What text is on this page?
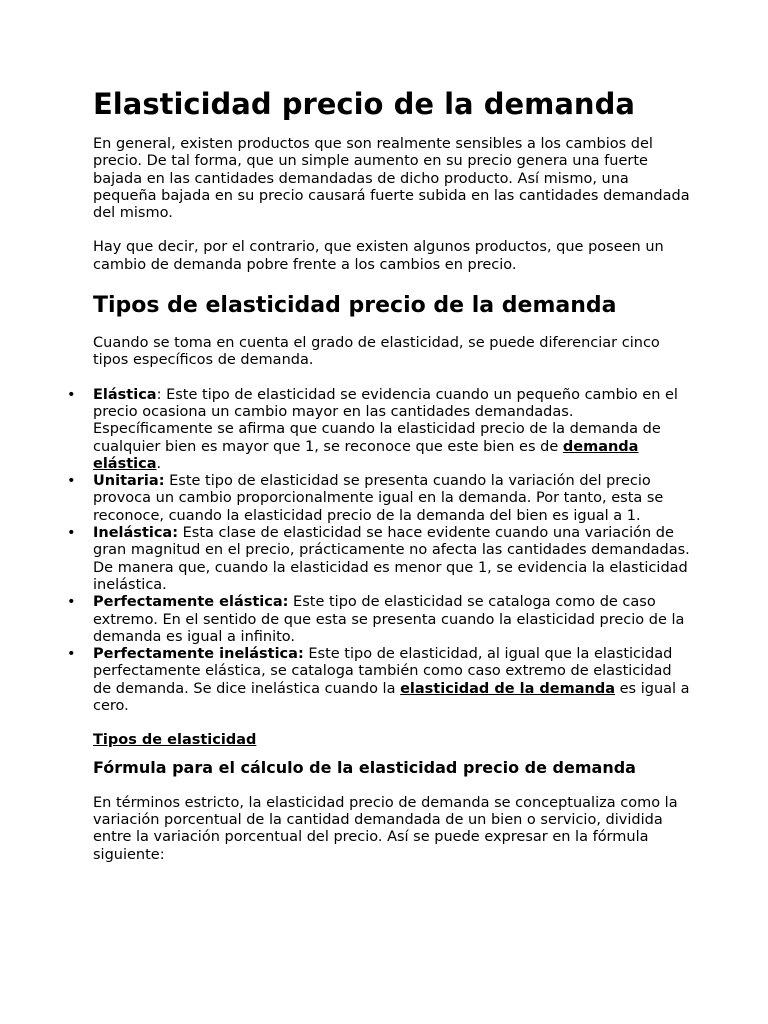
Elasticidad precio de la demanda

En general, existen productos que son realmente sensibles a los cambios del precio. De tal forma, que un simple aumento en su precio genera una fuerte bajada en las cantidades demandadas de dicho producto. Así mismo, una pequeña bajada en su precio causará fuerte subida en las cantidades demandada del mismo.

Hay que decir, por el contrario, que existen algunos productos, que poseen un cambio de demanda pobre frente a los cambios en precio.

Tipos de elasticidad precio de la demanda

Cuando se toma en cuenta el grado de elasticidad, se puede diferenciar cinco tipos específicos de demanda.

• Elástica: Este tipo de elasticidad se evidencia cuando un pequeño cambio en el precio ocasiona un cambio mayor en las cantidades demandadas. Específicamente se afirma que cuando la elasticidad precio de la demanda de cualquier bien es mayor que 1, se reconoce que este bien es de demanda elástica.
• Unitaria: Este tipo de elasticidad se presenta cuando la variación del precio provoca un cambio proporcionalmente igual en la demanda. Por tanto, esta se reconoce, cuando la elasticidad precio de la demanda del bien es igual a 1.
• Inelástica: Esta clase de elasticidad se hace evidente cuando una variación de gran magnitud en el precio, prácticamente no afecta las cantidades demandadas. De manera que, cuando la elasticidad es menor que 1, se evidencia la elasticidad inelástica.
• Perfectamente elástica: Este tipo de elasticidad se cataloga como de caso extremo. En el sentido de que esta se presenta cuando la elasticidad precio de la demanda es igual a infinito.
• Perfectamente inelástica: Este tipo de elasticidad, al igual que la elasticidad perfectamente elástica, se cataloga también como caso extremo de elasticidad de demanda. Se dice inelástica cuando la elasticidad de la demanda es igual a cero.
Tipos de elasticidad
Fórmula para el cálculo de la elasticidad precio de demanda

En términos estricto, la elasticidad precio de demanda se conceptualiza como la variación porcentual de la cantidad demandada de un bien o servicio, dividida entre la variación porcentual del precio. Así se puede expresar en la fórmula siguiente:
